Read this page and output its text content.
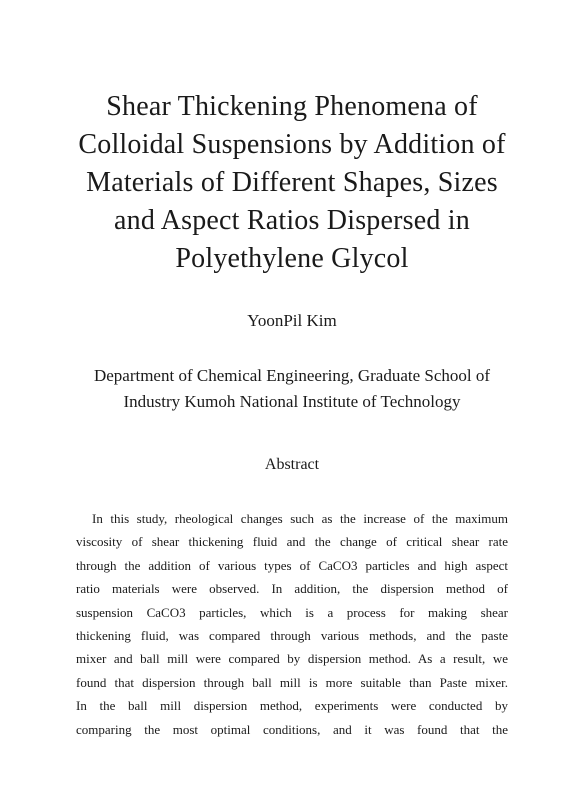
Shear Thickening Phenomena of
Colloidal Suspensions by Addition of
Materials of Different Shapes, Sizes
and Aspect Ratios Dispersed in
Polyethylene Glycol
YoonPil Kim
Department of Chemical Engineering, Graduate School of
Industry Kumoh National Institute of Technology
Abstract
In this study, rheological changes such as the increase of the maximum
viscosity of shear thickening fluid and the change of critical shear rate
through the addition of various types of CaCO3 particles and high aspect
ratio materials were observed. In addition, the dispersion method of
suspension CaCO3 particles, which is a process for making shear
thickening fluid, was compared through various methods, and the paste
mixer and ball mill were compared by dispersion method. As a result, we
found that dispersion through ball mill is more suitable than Paste mixer.
In the ball mill dispersion method, experiments were conducted by
comparing the most optimal conditions, and it was found that the
